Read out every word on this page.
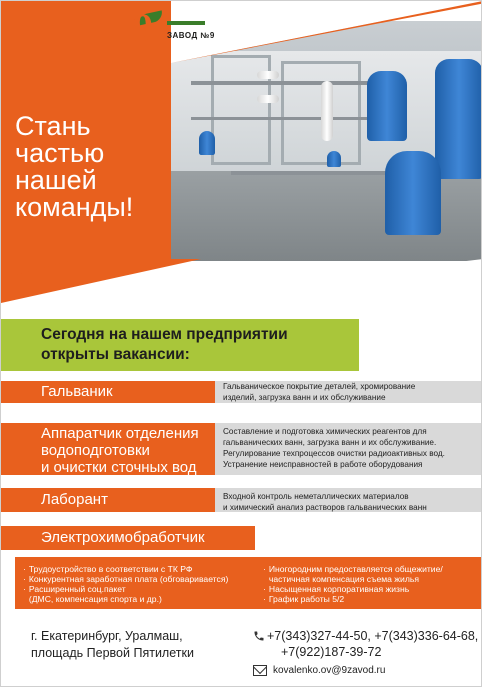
9 ЗАВОД №9
Стань
частью
нашей
команды!
Сегодня на нашем предприятии
открыты вакансии:
Гальваник	Гальваническое покрытие деталей, хромирование
изделий, загрузка ванн и их обслуживание
Аппаратчик отделения
водоподготовки
и очистки сточных вод
Составление и подготовка химических реагентов для
гальванических ванн, загрузка ванн и их обслуживание.
Регулирование техпроцессов очистки радиоактивных вод.
Устранение неисправностей в работе оборудования
Лаборант	Входной контроль неметаллических материалов
и химический анализ растворов гальванических ванн
Электрохимобработчик
· Трудоустройство в соответствии с ТК РФ
· Конкурентная заработная плата (обговаривается)
· Расширенный соц.пакет
(ДМС, компенсация спорта и др.)
· Иногородним предоставляется общежитие/
частичная компенсация съема жилья
· Насыщенная корпоративная жизнь
· График работы 5/2
г. Екатеринбург, Уралмаш,
площадь Первой Пятилетки
+7(343)327-44-50, +7(343)336-64-68,
+7(922)187-39-72
kovalenko.ov@9zavod.ru
